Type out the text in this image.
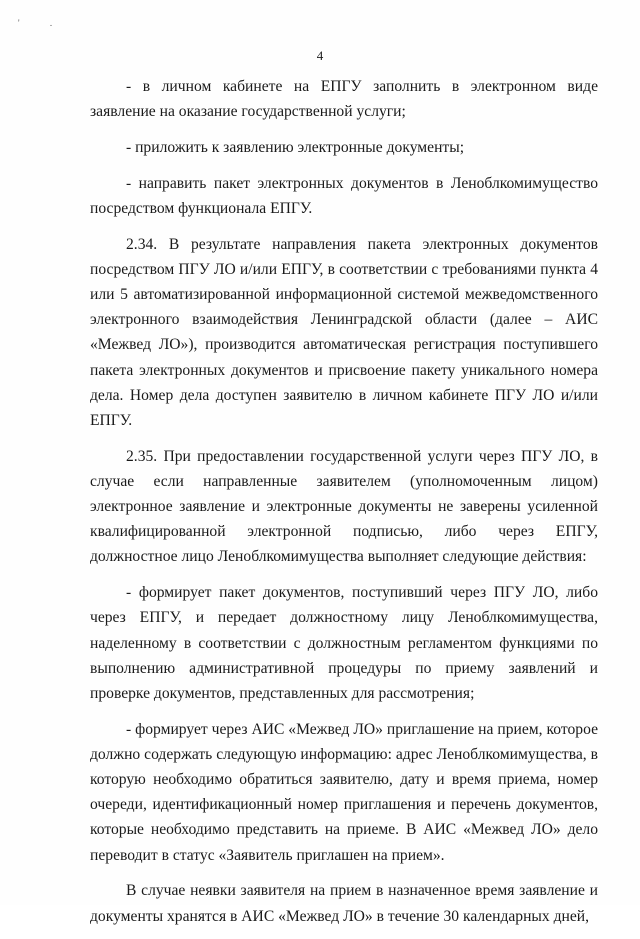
' .
4

- в личном кабинете на ЕПГУ заполнить в электронном виде заявление на оказание государственной услуги;

- приложить к заявлению электронные документы;

- направить пакет электронных документов в Леноблкомимущество посредством функционала ЕПГУ.

2.34. В результате направления пакета электронных документов посредством ПГУ ЛО и/или ЕПГУ, в соответствии с требованиями пункта 4 или 5 автоматизированной информационной системой межведомственного электронного взаимодействия Ленинградской области (далее – АИС «Межвед ЛО»), производится автоматическая регистрация поступившего пакета электронных документов и присвоение пакету уникального номера дела. Номер дела доступен заявителю в личном кабинете ПГУ ЛО и/или ЕПГУ.

2.35. При предоставлении государственной услуги через ПГУ ЛО, в случае если направленные заявителем (уполномоченным лицом) электронное заявление и электронные документы не заверены усиленной квалифицированной электронной подписью, либо через ЕПГУ, должностное лицо Леноблкомимущества выполняет следующие действия:

- формирует пакет документов, поступивший через ПГУ ЛО, либо через ЕПГУ, и передает должностному лицу Леноблкомимущества, наделенному в соответствии с должностным регламентом функциями по выполнению административной процедуры по приему заявлений и проверке документов, представленных для рассмотрения;

- формирует через АИС «Межвед ЛО» приглашение на прием, которое должно содержать следующую информацию: адрес Леноблкомимущества, в которую необходимо обратиться заявителю, дату и время приема, номер очереди, идентификационный номер приглашения и перечень документов, которые необходимо представить на приеме. В АИС «Межвед ЛО» дело переводит в статус «Заявитель приглашен на прием».

В случае неявки заявителя на прием в назначенное время заявление и документы хранятся в АИС «Межвед ЛО» в течение 30 календарных дней,
